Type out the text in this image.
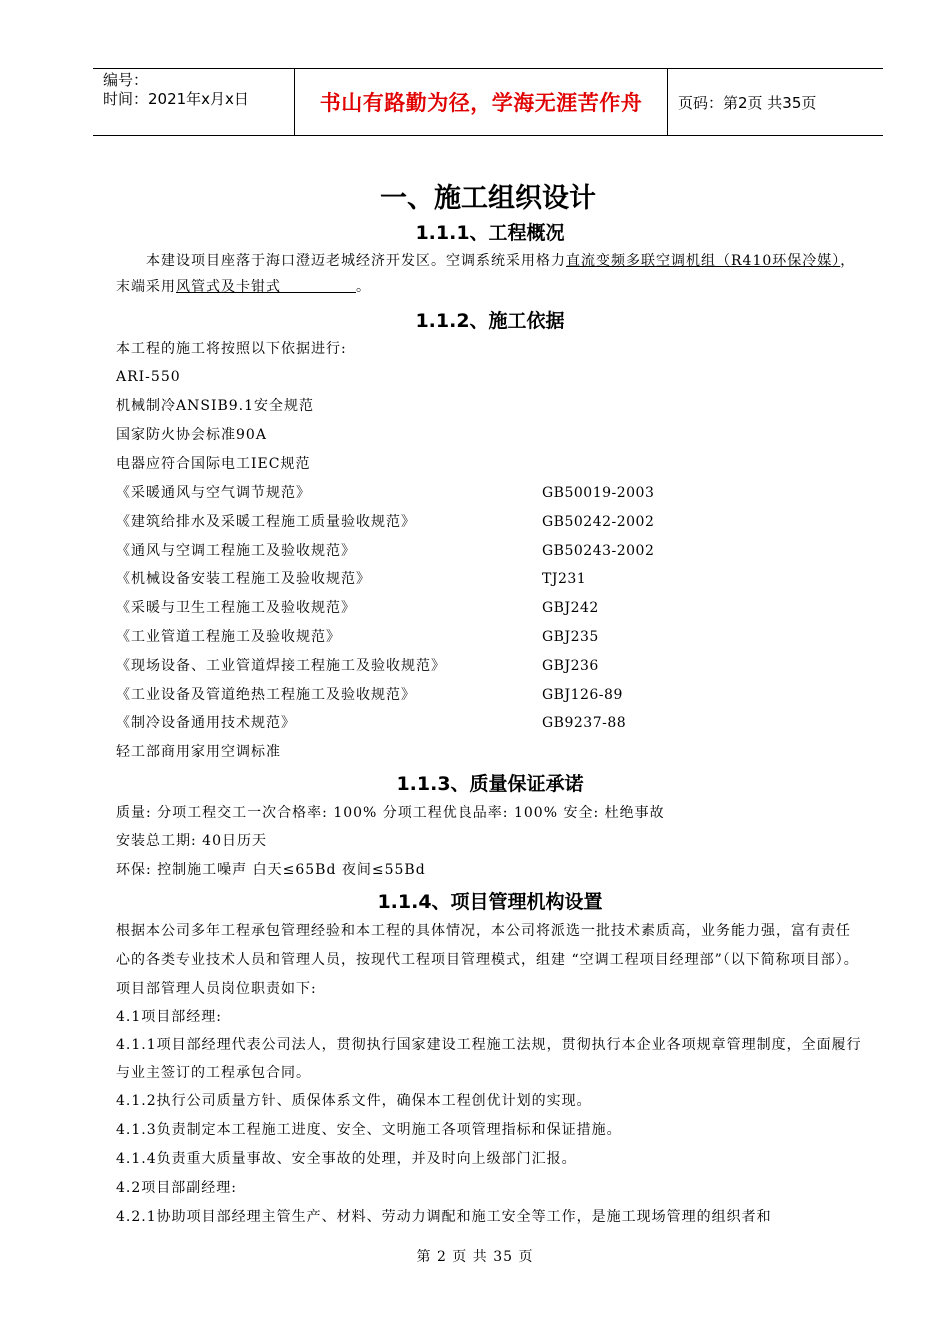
编号：
时间：2021年x月x日	书山有路勤为径，学海无涯苦作舟	页码：第2页 共35页
一、施工组织设计
1.1.1、工程概况
本建设项目座落于海口澄迈老城经济开发区。空调系统采用格力直流变频多联空调机组（R410环保冷媒），末端采用风管式及卡钳式     	。
1.1.2、施工依据
本工程的施工将按照以下依据进行:
ARI-550
机械制冷ANSIB9.1安全规范
国家防火协会标准90A
电器应符合国际电工IEC规范
《采暖通风与空气调节规范》	GB50019-2003
《建筑给排水及采暖工程施工质量验收规范》	GB50242-2002
《通风与空调工程施工及验收规范》	GB50243-2002
《机械设备安装工程施工及验收规范》	TJ231
《采暖与卫生工程施工及验收规范》	GBJ242
《工业管道工程施工及验收规范》	GBJ235
《现场设备、工业管道焊接工程施工及验收规范》	GBJ236
《工业设备及管道绝热工程施工及验收规范》	GBJ126-89
《制冷设备通用技术规范》	GB9237-88
轻工部商用家用空调标准
1.1.3、质量保证承诺
质量: 分项工程交工一次合格率: 100% 分项工程优良品率: 100% 安全: 杜绝事故
安装总工期: 40日历天
环保: 控制施工噪声 白天≤65Bd 夜间≤55Bd
1.1.4、项目管理机构设置
根据本公司多年工程承包管理经验和本工程的具体情况，本公司将派选一批技术素质高，业务能力强，富有责任心的各类专业技术人员和管理人员，按现代工程项目管理模式，组建 “空调工程项目经理部”（以下简称项目部）。项目部管理人员岗位职责如下:
4.1项目部经理:
4.1.1项目部经理代表公司法人，贯彻执行国家建设工程施工法规，贯彻执行本企业各项规章管理制度，全面履行与业主签订的工程承包合同。
4.1.2执行公司质量方针、质保体系文件，确保本工程创优计划的实现。
4.1.3负责制定本工程施工进度、安全、文明施工各项管理指标和保证措施。
4.1.4负责重大质量事故、安全事故的处理，并及时向上级部门汇报。
4.2项目部副经理:
4.2.1协助项目部经理主管生产、材料、劳动力调配和施工安全等工作，是施工现场管理的组织者和
第 2 页 共 35 页
